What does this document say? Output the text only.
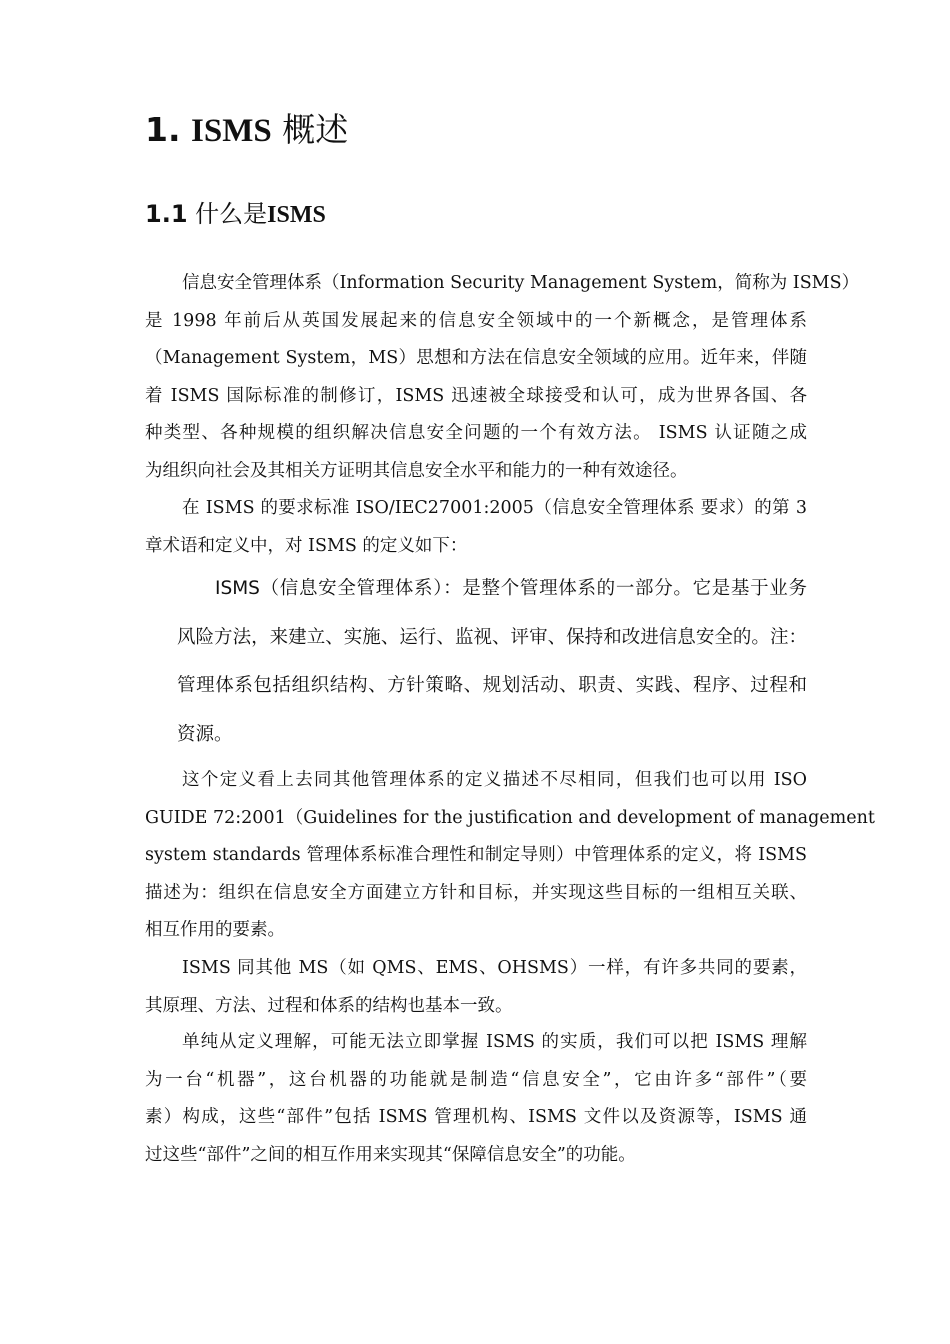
1. ISMS 概述
1.1 什么是ISMS
信息安全管理体系（Information Security Management System，简称为 ISMS）
是 1998 年前后从英国发展起来的信息安全领域中的一个新概念，是管理体系
（Management System，MS）思想和方法在信息安全领域的应用。近年来，伴随
着 ISMS 国际标准的制修订，ISMS 迅速被全球接受和认可，成为世界各国、各
种类型、各种规模的组织解决信息安全问题的一个有效方法。 ISMS 认证随之成
为组织向社会及其相关方证明其信息安全水平和能力的一种有效途径。
在 ISMS 的要求标准 ISO/IEC27001:2005（信息安全管理体系 要求）的第 3
章术语和定义中，对 ISMS 的定义如下：
ISMS（信息安全管理体系）：是整个管理体系的一部分。它是基于业务
风险方法，来建立、实施、运行、监视、评审、保持和改进信息安全的。注：
管理体系包括组织结构、方针策略、规划活动、职责、实践、程序、过程和
资源。
这个定义看上去同其他管理体系的定义描述不尽相同，但我们也可以用 ISO
GUIDE 72:2001（Guidelines for the justification and development of management
system standards 管理体系标准合理性和制定导则）中管理体系的定义，将 ISMS
描述为：组织在信息安全方面建立方针和目标，并实现这些目标的一组相互关联、
相互作用的要素。
ISMS 同其他 MS（如 QMS、EMS、OHSMS）一样，有许多共同的要素，
其原理、方法、过程和体系的结构也基本一致。
单纯从定义理解，可能无法立即掌握 ISMS 的实质，我们可以把 ISMS 理解
为一台“机器”，这台机器的功能就是制造“信息安全”，它由许多“部件”（要
素）构成，这些“部件”包括 ISMS 管理机构、ISMS 文件以及资源等，ISMS 通
过这些“部件”之间的相互作用来实现其“保障信息安全”的功能。
